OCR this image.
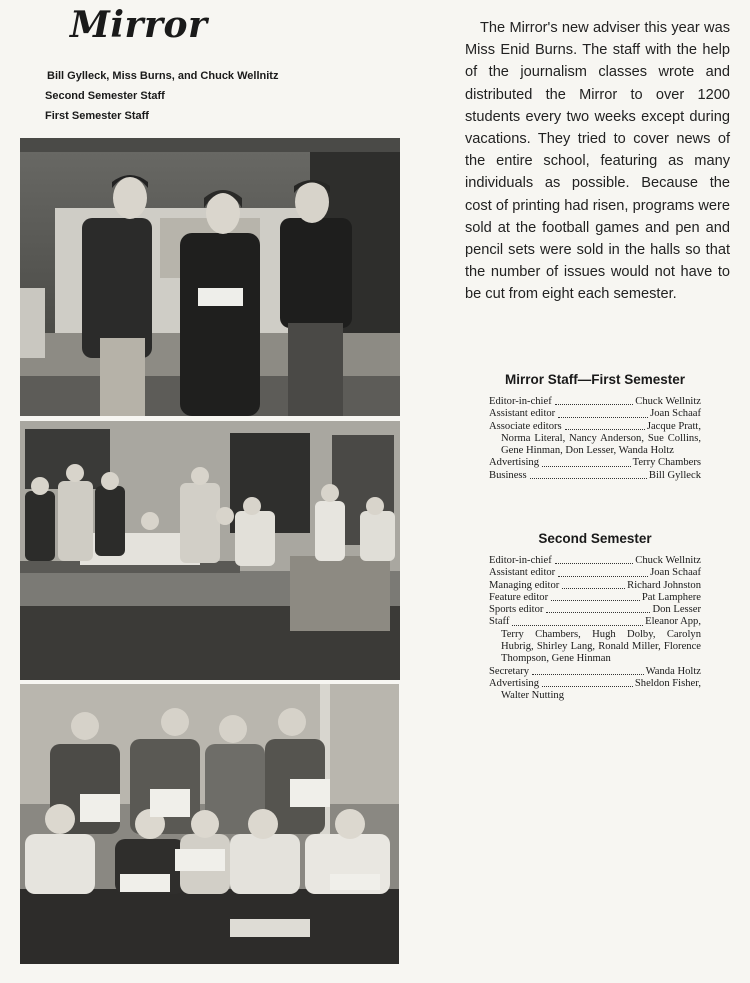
Mirror
Bill Gylleck, Miss Burns, and Chuck Wellnitz
Second Semester Staff
First Semester Staff

The Mirror's new adviser this year was Miss Enid Burns. The staff with the help of the journalism classes wrote and distributed the Mirror to over 1200 students every two weeks except during vacations. They tried to cover news of the entire school, featuring as many individuals as possible. Because the cost of printing had risen, programs were sold at the football games and pen and pencil sets were sold in the halls so that the number of issues would not have to be cut from eight each semester.

Mirror Staff—First Semester
Editor-in-chief	Chuck Wellnitz
Assistant editor	Joan Schaaf
Associate editors	Jacque Pratt,
Norma Literal, Nancy Anderson, Sue Collins, Gene Hinman, Don Lesser, Wanda Holtz
Advertising	Terry Chambers
Business	Bill Gylleck
Second Semester
Editor-in-chief	Chuck Wellnitz
Assistant editor	Joan Schaaf
Managing editor	Richard Johnston
Feature editor	Pat Lamphere
Sports editor	Don Lesser
Staff	Eleanor App,
Terry Chambers, Hugh Dolby, Carolyn Hubrig, Shirley Lang, Ronald Miller, Florence Thompson, Gene Hinman
Secretary	Wanda Holtz
Advertising	Sheldon Fisher,
Walter Nutting
